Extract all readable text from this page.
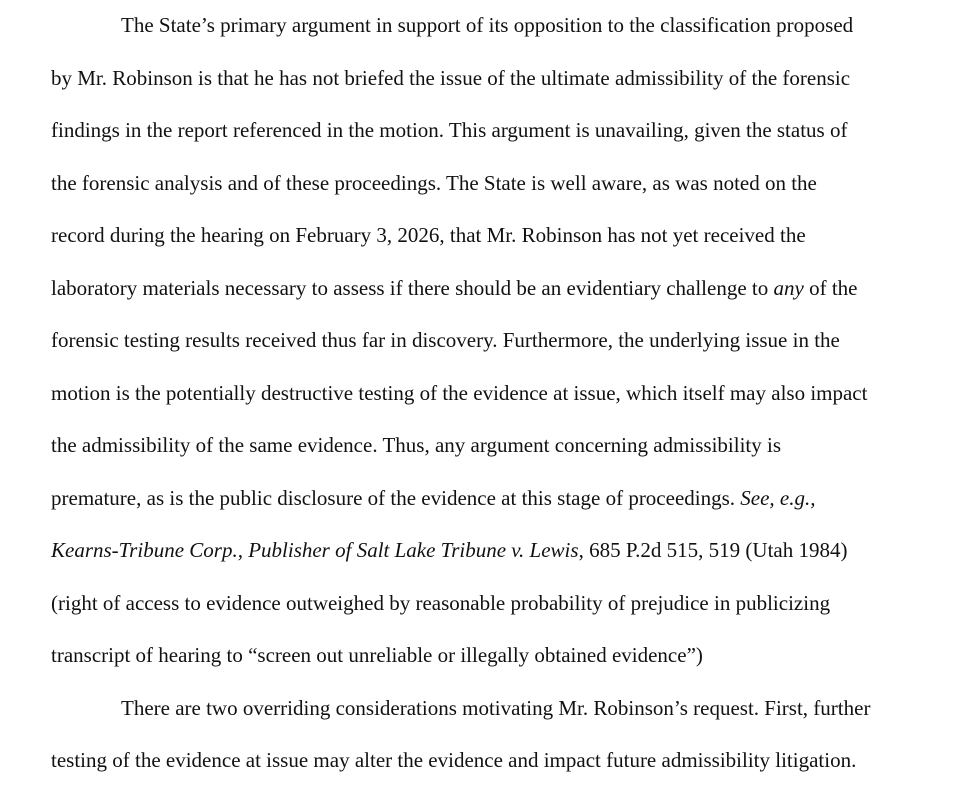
The State’s primary argument in support of its opposition to the classification proposed
by Mr. Robinson is that he has not briefed the issue of the ultimate admissibility of the forensic
findings in the report referenced in the motion. This argument is unavailing, given the status of
the forensic analysis and of these proceedings. The State is well aware, as was noted on the
record during the hearing on February 3, 2026, that Mr. Robinson has not yet received the
laboratory materials necessary to assess if there should be an evidentiary challenge to any of the
forensic testing results received thus far in discovery. Furthermore, the underlying issue in the
motion is the potentially destructive testing of the evidence at issue, which itself may also impact
the admissibility of the same evidence. Thus, any argument concerning admissibility is
premature, as is the public disclosure of the evidence at this stage of proceedings. See, e.g.,
Kearns-Tribune Corp., Publisher of Salt Lake Tribune v. Lewis, 685 P.2d 515, 519 (Utah 1984)
(right of access to evidence outweighed by reasonable probability of prejudice in publicizing
transcript of hearing to “screen out unreliable or illegally obtained evidence”)
There are two overriding considerations motivating Mr. Robinson’s request. First, further
testing of the evidence at issue may alter the evidence and impact future admissibility litigation.
